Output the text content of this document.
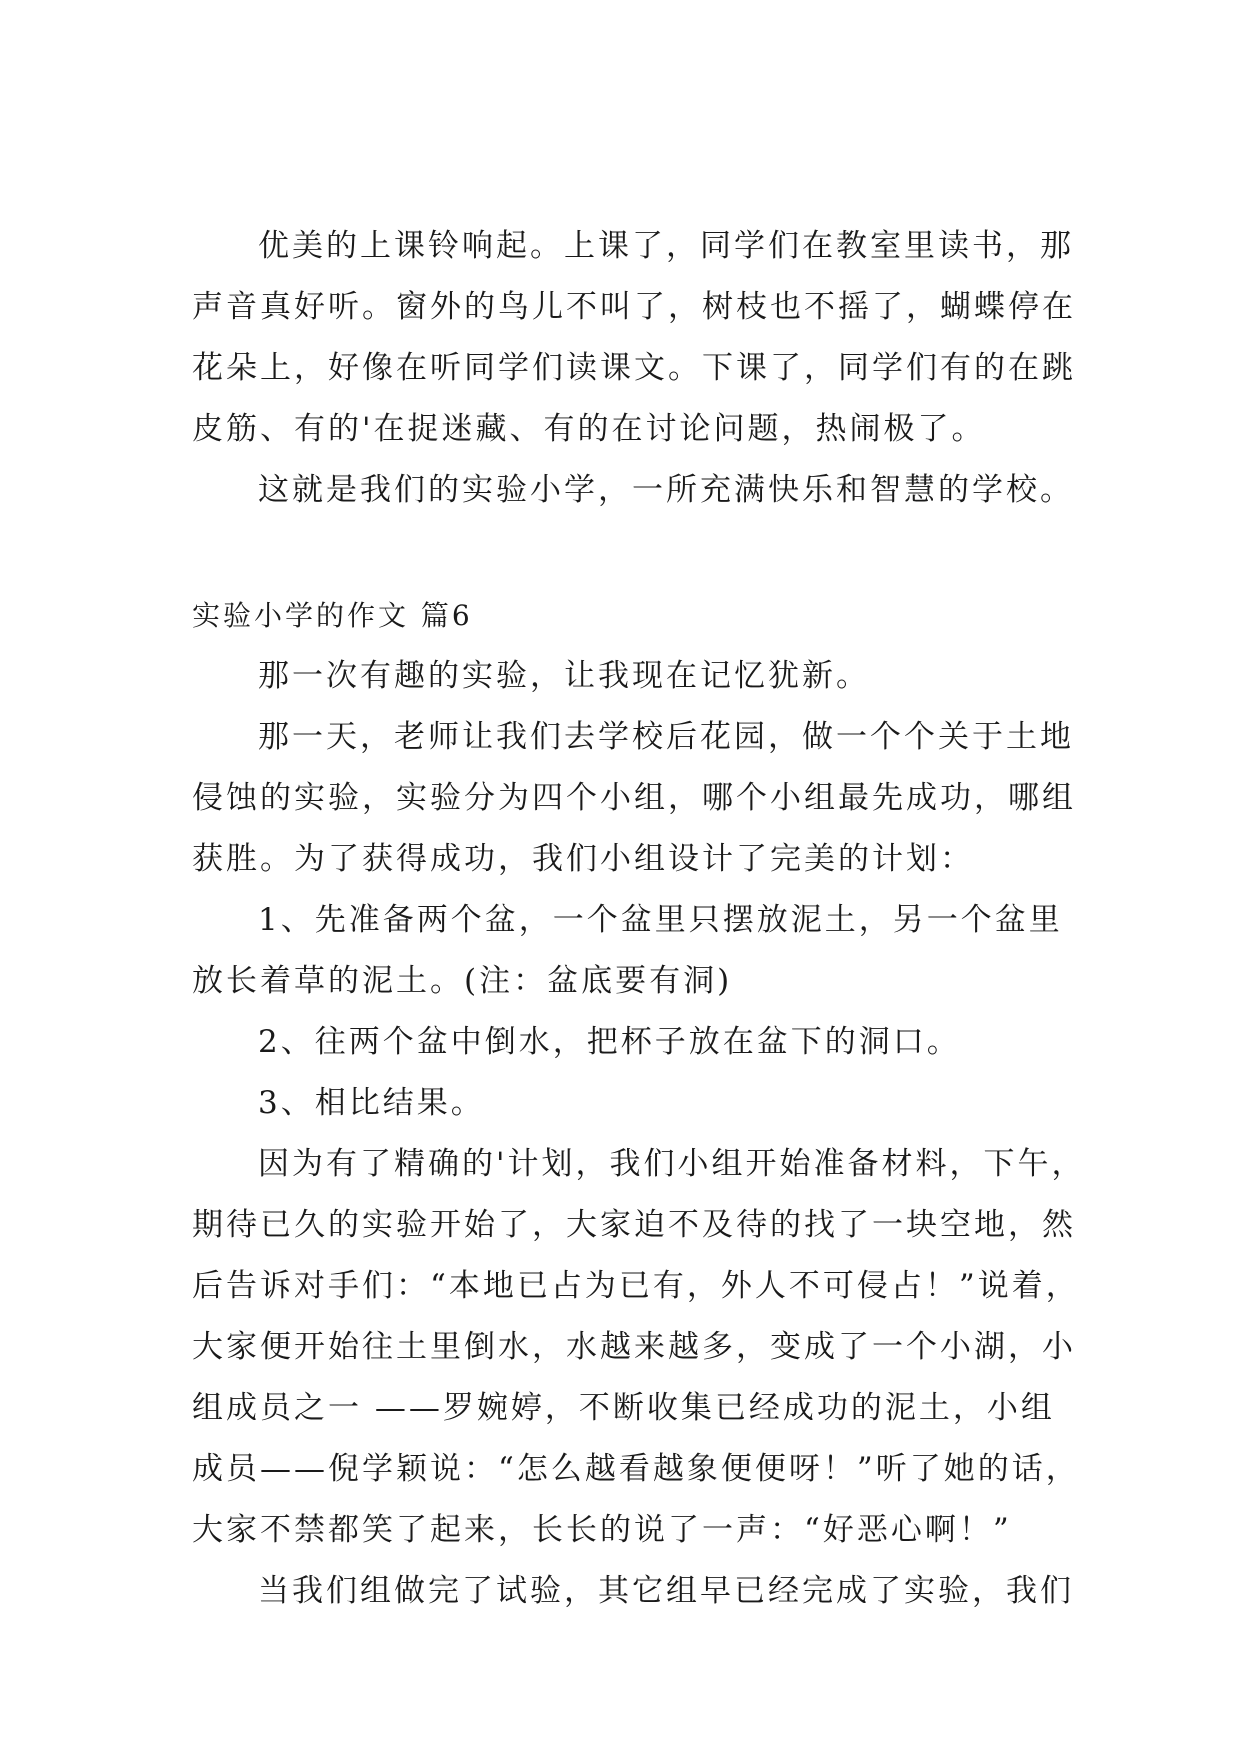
优美的上课铃响起。上课了，同学们在教室里读书，那
声音真好听。窗外的鸟儿不叫了，树枝也不摇了，蝴蝶停在
花朵上，好像在听同学们读课文。下课了，同学们有的在跳
皮筋、有的'在捉迷藏、有的在讨论问题，热闹极了。

这就是我们的实验小学，一所充满快乐和智慧的学校。

实验小学的作文 篇6

那一次有趣的实验，让我现在记忆犹新。

那一天，老师让我们去学校后花园，做一个个关于土地
侵蚀的实验，实验分为四个小组，哪个小组最先成功，哪组
获胜。为了获得成功，我们小组设计了完美的计划：

1、先准备两个盆，一个盆里只摆放泥土，另一个盆里
放长着草的泥土。(注：盆底要有洞)

2、往两个盆中倒水，把杯子放在盆下的洞口。

3、相比结果。

因为有了精确的'计划，我们小组开始准备材料，下午，
期待已久的实验开始了，大家迫不及待的找了一块空地，然
后告诉对手们：“本地已占为已有，外人不可侵占！”说着，
大家便开始往土里倒水，水越来越多，变成了一个小湖，小
组成员之一 ——罗婉婷，不断收集已经成功的泥土，小组
成员——倪学颖说：“怎么越看越象便便呀！”听了她的话，
大家不禁都笑了起来，长长的说了一声：“好恶心啊！”

当我们组做完了试验，其它组早已经完成了实验，我们
